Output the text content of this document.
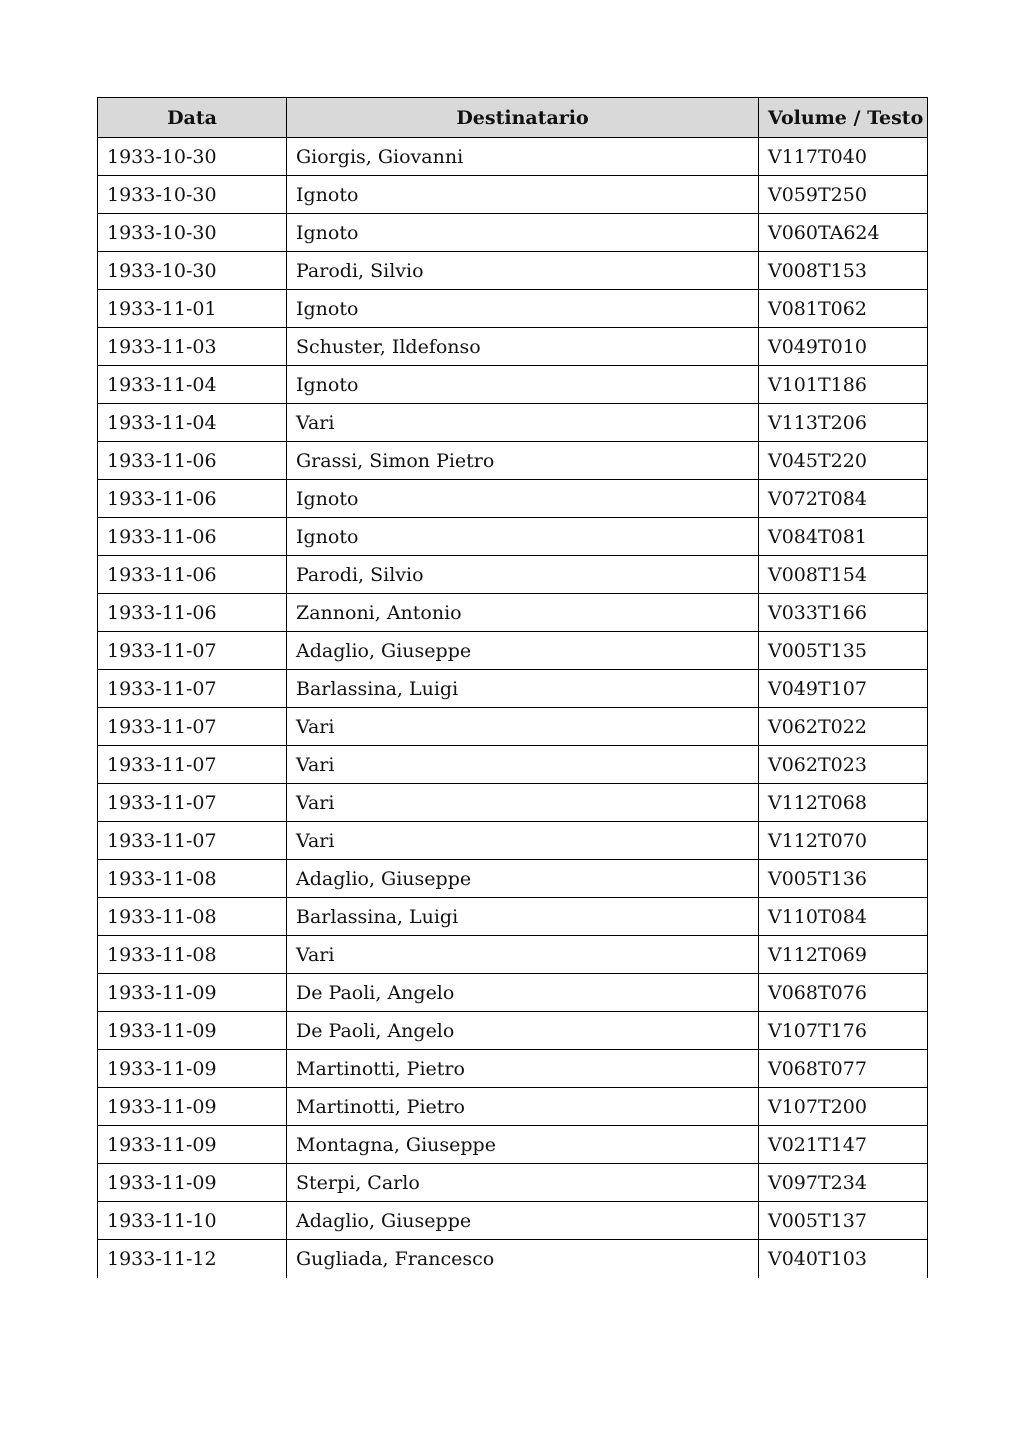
Data	Destinatario	Volume / Testo
1933-10-30	Giorgis, Giovanni	V117T040
1933-10-30	Ignoto	V059T250
1933-10-30	Ignoto	V060TA624
1933-10-30	Parodi, Silvio	V008T153
1933-11-01	Ignoto	V081T062
1933-11-03	Schuster, Ildefonso	V049T010
1933-11-04	Ignoto	V101T186
1933-11-04	Vari	V113T206
1933-11-06	Grassi, Simon Pietro	V045T220
1933-11-06	Ignoto	V072T084
1933-11-06	Ignoto	V084T081
1933-11-06	Parodi, Silvio	V008T154
1933-11-06	Zannoni, Antonio	V033T166
1933-11-07	Adaglio, Giuseppe	V005T135
1933-11-07	Barlassina, Luigi	V049T107
1933-11-07	Vari	V062T022
1933-11-07	Vari	V062T023
1933-11-07	Vari	V112T068
1933-11-07	Vari	V112T070
1933-11-08	Adaglio, Giuseppe	V005T136
1933-11-08	Barlassina, Luigi	V110T084
1933-11-08	Vari	V112T069
1933-11-09	De Paoli, Angelo	V068T076
1933-11-09	De Paoli, Angelo	V107T176
1933-11-09	Martinotti, Pietro	V068T077
1933-11-09	Martinotti, Pietro	V107T200
1933-11-09	Montagna, Giuseppe	V021T147
1933-11-09	Sterpi, Carlo	V097T234
1933-11-10	Adaglio, Giuseppe	V005T137
1933-11-12	Gugliada, Francesco	V040T103
